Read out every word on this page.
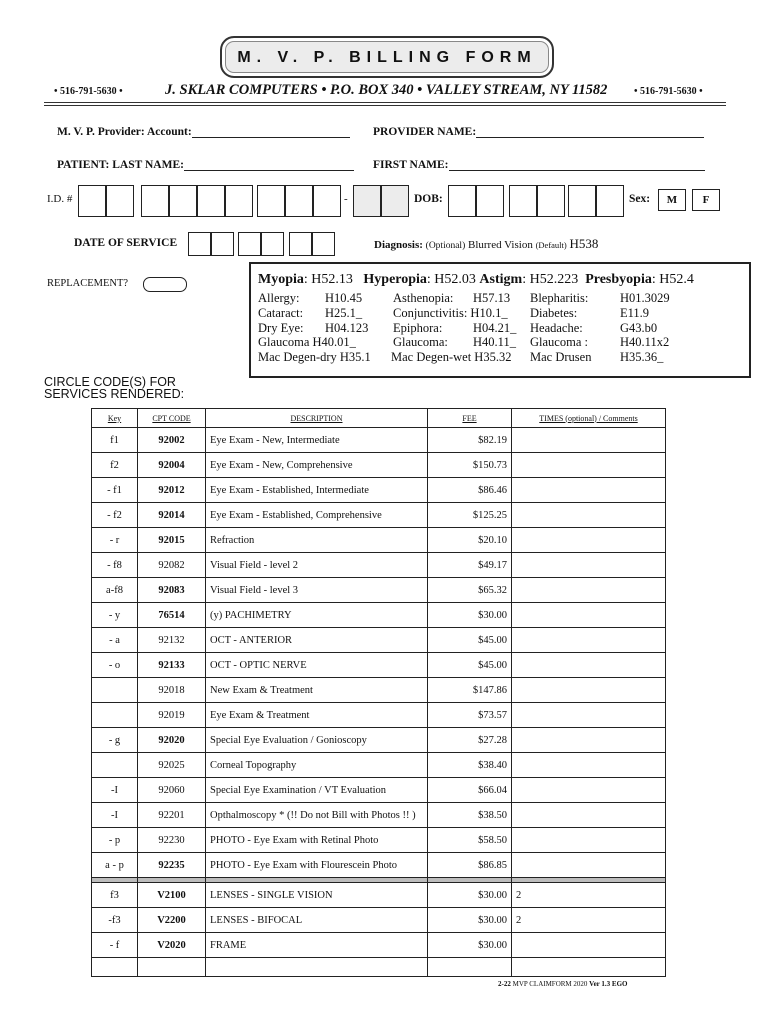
M. V. P. BILLING FORM
• 516-791-5630 •	J. SKLAR COMPUTERS • P.O. BOX 340 • VALLEY STREAM, NY 11582	• 516-791-5630 •
M. V. P. Provider: Account:	PROVIDER NAME:
PATIENT: LAST NAME:	FIRST NAME:
I.D. #	-	DOB:	Sex:	M	F
DATE OF SERVICE	Diagnosis: (Optional) Blurred Vision (Default) H538
REPLACEMENT?	Myopia: H52.13 Hyperopia: H52.03 Astigm: H52.223 Presbyopia: H52.4
Allergy: H10.45 Asthenopia: H57.13 Blepharitis:	H01.3029
Cataract: H25.1_ Conjunctivitis: H10.1_ Diabetes:	E11.9
Dry Eye: H04.123 Epiphora: H04.21_ Headache:	G43.b0
Glaucoma H40.01_	Glaucoma: H40.11_ Glaucoma :	H40.11x2
Mac Degen-dry H35.1 Mac Degen-wet H35.32 Mac Drusen H35.36_
CIRCLE CODE(S) FOR
SERVICES RENDERED:
Key	CPT CODE	DESCRIPTION	FEE	TIMES (optional) / Comments
f1	92002	Eye Exam - New, Intermediate	$82.19	
f2	92004	Eye Exam - New, Comprehensive	$150.73	
- f1	92012	Eye Exam - Established, Intermediate	$86.46	
- f2	92014	Eye Exam - Established, Comprehensive	$125.25	
- r	92015	Refraction	$20.10	
- f8	92082	Visual Field - level 2	$49.17	
a-f8	92083	Visual Field - level 3	$65.32	
- y	76514	(y) PACHIMETRY	$30.00	
- a	92132	OCT - ANTERIOR	$45.00	
- o	92133	OCT - OPTIC NERVE	$45.00	
	92018	New Exam & Treatment	$147.86	
	92019	Eye Exam & Treatment	$73.57	
- g	92020	Special Eye Evaluation / Gonioscopy	$27.28	
	92025	Corneal Topography	$38.40	
-I	92060	Special Eye Examination / VT Evaluation	$66.04	
-I	92201	Opthalmoscopy * (!! Do not Bill with Photos !! )	$38.50	
- p	92230	PHOTO - Eye Exam with Retinal Photo	$58.50	
a - p	92235	PHOTO - Eye Exam with Flourescein Photo	$86.85	

f3	V2100	LENSES - SINGLE VISION	$30.00	2
-f3	V2200	LENSES - BIFOCAL	$30.00	2
- f	V2020	FRAME	$30.00	

2-22 MVP CLAIMFORM 2020 Ver 1.3 EGO
